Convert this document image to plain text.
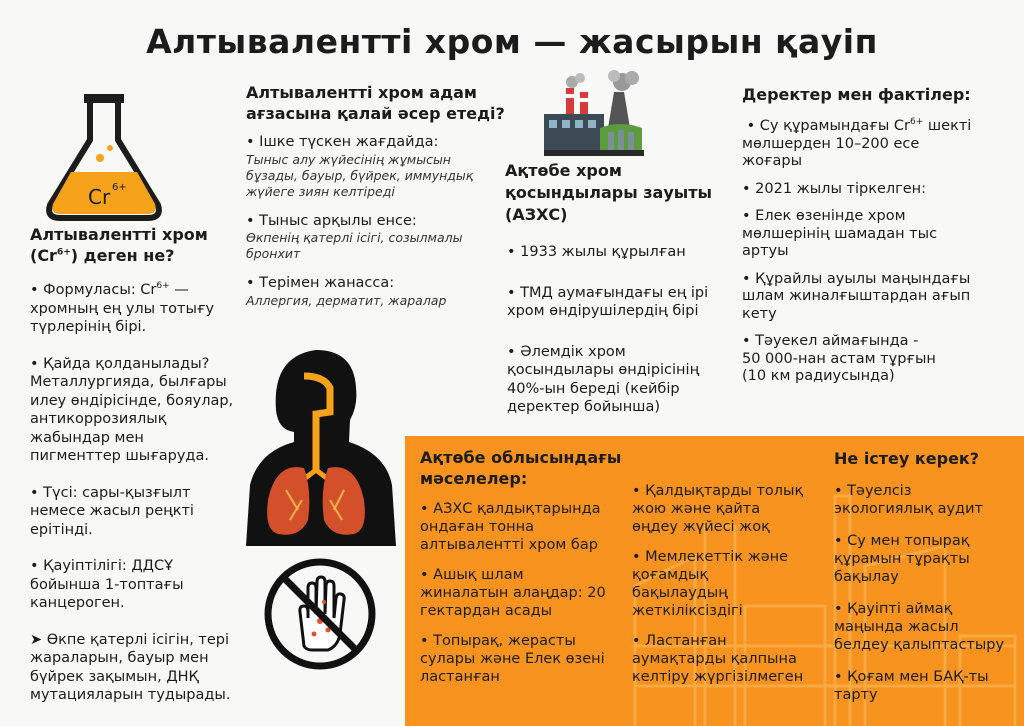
Алтывалентті хром — жасырын қауіп
Cr 6+
Алтывалентті хром
$(Cr^{6+})$ деген не?
• Формуласы: $Cr^{6+}$ —
хромның ең улы тотығу
түрлерінің бірі.
• Қайда қолданылады?
Металлургияда, былғары
илеу өндірісінде, бояулар,
антикоррозиялық
жабындар мен
пигменттер шығаруда.
• Түсі: сары-қызғылт
немесе жасыл реңкті
ерітінді.
• Қауіптілігі: ДДСҰ
бойынша 1-топтағы
канцероген.
➤ Өкпе қатерлі ісігін, тері
жараларын, бауыр мен
бүйрек зақымын, ДНҚ
мутацияларын тудырады.
Алтывалентті хром адам
ағзасына қалай әсер етеді?
• Ішке түскен жағдайда:
Тыныс алу жүйесінің жұмысын
бұзады, бауыр, бүйрек, иммундық
жүйеге зиян келтіреді
• Тыныс арқылы енсе:
Өкпенің қатерлі ісігі, созылмалы
бронхит
• Терімен жанасса:
Аллергия, дерматит, жаралар
Ақтөбе хром
қосындылары зауыты
(АЗХС)
• 1933 жылы құрылған
• ТМД аумағындағы ең ірі
хром өндірушілердің бірі
• Әлемдік хром
қосындылары өндірісінің
40%-ын береді (кейбір
деректер бойынша)
Деректер мен фактілер:
• Су құрамындағы $Cr^{6+}$ шекті
мөлшерден 10–200 есе
жоғары
• 2021 жылы тіркелген:
• Елек өзенінде хром
мөлшерінің шамадан тыс
артуы
• Құрайлы ауылы маңындағы
шлам жиналғыштардан ағып
кету
• Тәуекел аймағында -
50 000-нан астам тұрғын
(10 км радиусында)
Ақтөбе облысындағы
мәселелер:
• АЗХС қалдықтарында
ондаған тонна
алтывалентті хром бар
• Ашық шлам
жиналатын алаңдар: 20
гектардан асады
• Топырақ, жерасты
сулары және Елек өзені
ластанған
• Қалдықтарды толық
жою және қайта
өңдеу жүйесі жоқ
• Мемлекеттік және
қоғамдық
бақылаудың
жеткіліксіздігі
• Ластанған
аумақтарды қалпына
келтіру жүргізілмеген
Не істеу керек?
• Тәуелсіз
экологиялық аудит
• Су мен топырақ
құрамын тұрақты
бақылау
• Қауіпті аймақ
маңында жасыл
белдеу қалыптастыру
• Қоғам мен БАҚ-ты
тарту
